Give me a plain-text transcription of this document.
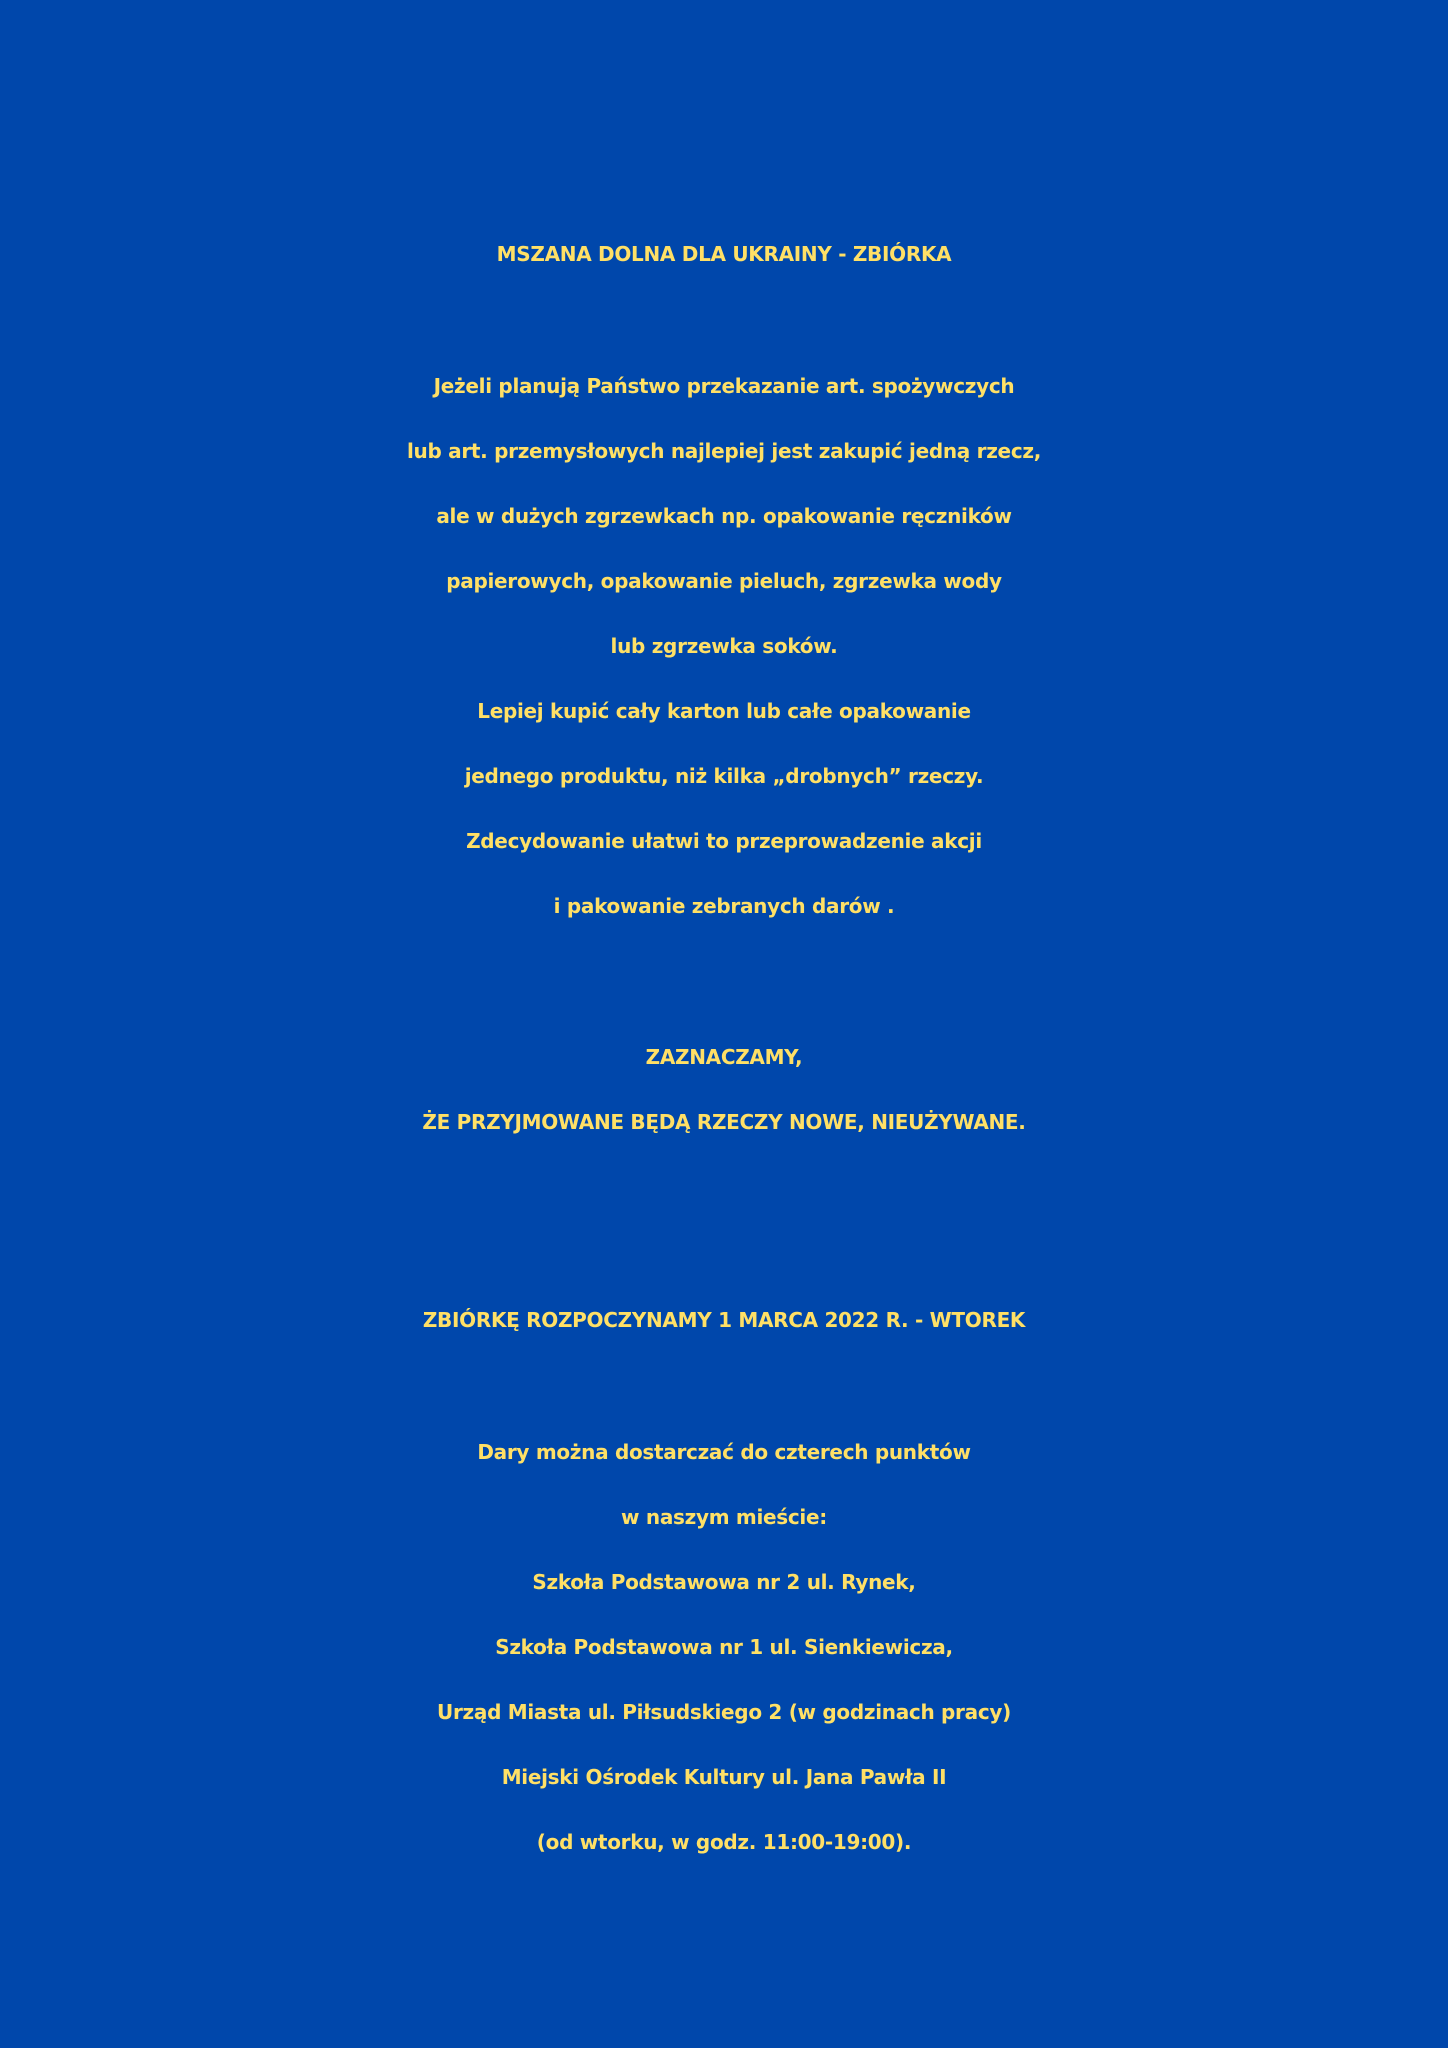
MSZANA DOLNA DLA UKRAINY - ZBIÓRKA
Jeżeli planują Państwo przekazanie art. spożywczych
lub art. przemysłowych najlepiej jest zakupić jedną rzecz,
ale w dużych zgrzewkach np. opakowanie ręczników
papierowych, opakowanie pieluch, zgrzewka wody
lub zgrzewka soków.
Lepiej kupić cały karton lub całe opakowanie
jednego produktu, niż kilka „drobnych” rzeczy.
Zdecydowanie ułatwi to przeprowadzenie akcji
i pakowanie zebranych darów .
ZAZNACZAMY,
ŻE PRZYJMOWANE BĘDĄ RZECZY NOWE, NIEUŻYWANE.
ZBIÓRKĘ ROZPOCZYNAMY 1 MARCA 2022 R. - WTOREK
Dary można dostarczać do czterech punktów
w naszym mieście:
Szkoła Podstawowa nr 2 ul. Rynek,
Szkoła Podstawowa nr 1 ul. Sienkiewicza,
Urząd Miasta ul. Piłsudskiego 2 (w godzinach pracy)
Miejski Ośrodek Kultury ul. Jana Pawła II
(od wtorku, w godz. 11:00-19:00).
